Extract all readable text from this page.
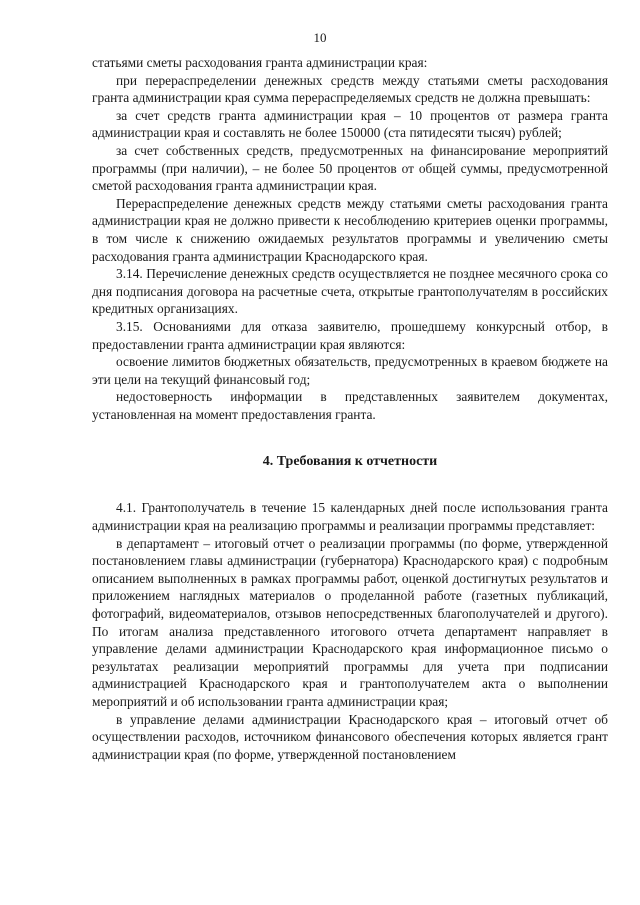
10

статьями сметы расходования гранта администрации края:

при перераспределении денежных средств между статьями сметы расходования гранта администрации края сумма перераспределяемых средств не должна превышать:

за счет средств гранта администрации края – 10 процентов от размера гранта администрации края и составлять не более 150000 (ста пятидесяти тысяч) рублей;

за счет собственных средств, предусмотренных на финансирование мероприятий программы (при наличии), – не более 50 процентов от общей суммы, предусмотренной сметой расходования гранта администрации края.

Перераспределение денежных средств между статьями сметы расходования гранта администрации края не должно привести к несоблюдению критериев оценки программы, в том числе к снижению ожидаемых результатов программы и увеличению сметы расходования гранта администрации Краснодарского края.

3.14. Перечисление денежных средств осуществляется не позднее месячного срока со дня подписания договора на расчетные счета, открытые грантополучателям в российских кредитных организациях.

3.15. Основаниями для отказа заявителю, прошедшему конкурсный отбор, в предоставлении гранта администрации края являются:

освоение лимитов бюджетных обязательств, предусмотренных в краевом бюджете на эти цели на текущий финансовый год;

недостоверность информации в представленных заявителем документах, установленная на момент предоставления гранта.

4. Требования к отчетности

4.1. Грантополучатель в течение 15 календарных дней после использования гранта администрации края на реализацию программы и реализации программы представляет:

в департамент – итоговый отчет о реализации программы (по форме, утвержденной постановлением главы администрации (губернатора) Краснодарского края) с подробным описанием выполненных в рамках программы работ, оценкой достигнутых результатов и приложением наглядных материалов о проделанной работе (газетных публикаций, фотографий, видеоматериалов, отзывов непосредственных благополучателей и другого). По итогам анализа представленного итогового отчета департамент направляет в управление делами администрации Краснодарского края информационное письмо о результатах реализации мероприятий программы для учета при подписании администрацией Краснодарского края и грантополучателем акта о выполнении мероприятий и об использовании гранта администрации края;

в управление делами администрации Краснодарского края – итоговый отчет об осуществлении расходов, источником финансового обеспечения которых является грант администрации края (по форме, утвержденной постановлением
